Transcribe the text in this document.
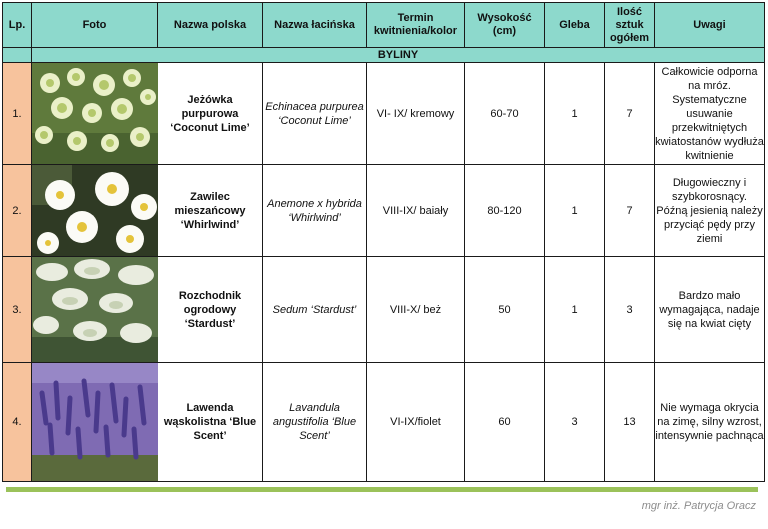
Lp.	Foto	Nazwa polska	Nazwa łacińska	Termin kwitnienia/kolor	Wysokość (cm)	Gleba	Ilość sztuk ogółem	Uwagi
	BYLINY							
1.		Jeżówka purpurowa ‘Coconut Lime’	Echinacea purpurea ‘Coconut Lime’	VI- IX/ kremowy	60-70	1	7	Całkowicie odporna na mróz. Systematyczne usuwanie przekwitniętych kwiatostanów wydłuża kwitnienie
2.		Zawilec mieszańcowy ‘Whirlwind’	Anemone x hybrida ‘Whirlwind’	VIII-IX/ baiały	80-120	1	7	Długowieczny i szybkorosnący. Późną jesienią należy przyciąć pędy przy ziemi
3.		Rozchodnik ogrodowy ‘Stardust’	Sedum ‘Stardust’	VIII-X/ beż	50	1	3	Bardzo mało wymagająca, nadaje się na kwiat cięty
4.		Lawenda wąskolistna ‘Blue Scent’	Lavandula angustifolia ‘Blue Scent’	VI-IX/fiolet	60	3	13	Nie wymaga okrycia na zimę, silny wzrost, intensywnie pachnąca
mgr inż. Patrycja Oracz
